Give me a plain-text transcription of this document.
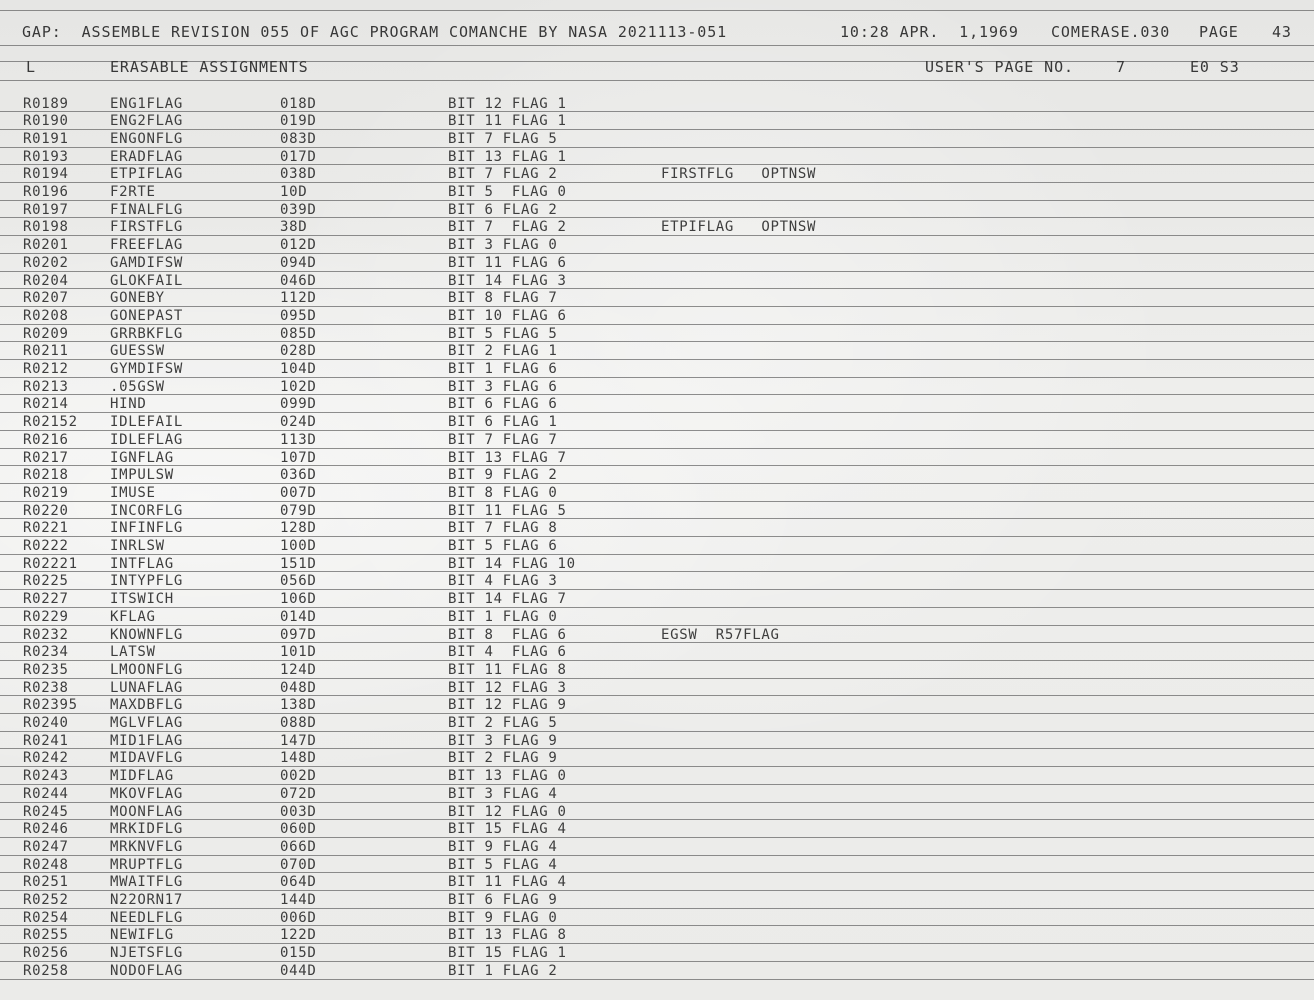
GAP:  ASSEMBLE REVISION 055 OF AGC PROGRAM COMANCHE BY NASA 2021113-051	10:28 APR.  1,1969 COMERASE.030 PAGE 43
L	ERASABLE ASSIGNMENTS	USER'S PAGE NO.	7	E0 S3
R0189	ENG1FLAG	018D	BIT 12 FLAG 1
R0190	ENG2FLAG	019D	BIT 11 FLAG 1
R0191	ENGONFLG	083D	BIT 7 FLAG 5
R0193	ERADFLAG	017D	BIT 13 FLAG 1
R0194	ETPIFLAG	038D	BIT 7 FLAG 2	FIRSTFLG   OPTNSW
R0196	F2RTE	10D	BIT 5  FLAG 0
R0197	FINALFLG	039D	BIT 6 FLAG 2
R0198	FIRSTFLG	38D	BIT 7  FLAG 2	ETPIFLAG   OPTNSW
R0201	FREEFLAG	012D	BIT 3 FLAG 0
R0202	GAMDIFSW	094D	BIT 11 FLAG 6
R0204	GLOKFAIL	046D	BIT 14 FLAG 3
R0207	GONEBY	112D	BIT 8 FLAG 7
R0208	GONEPAST	095D	BIT 10 FLAG 6
R0209	GRRBKFLG	085D	BIT 5 FLAG 5
R0211	GUESSW	028D	BIT 2 FLAG 1
R0212	GYMDIFSW	104D	BIT 1 FLAG 6
R0213	.05GSW	102D	BIT 3 FLAG 6
R0214	HIND	099D	BIT 6 FLAG 6
R02152 IDLEFAIL	024D	BIT 6 FLAG 1
R0216	IDLEFLAG	113D	BIT 7 FLAG 7
R0217	IGNFLAG	107D	BIT 13 FLAG 7
R0218	IMPULSW	036D	BIT 9 FLAG 2
R0219	IMUSE	007D	BIT 8 FLAG 0
R0220	INCORFLG	079D	BIT 11 FLAG 5
R0221	INFINFLG	128D	BIT 7 FLAG 8
R0222	INRLSW	100D	BIT 5 FLAG 6
R02221 INTFLAG	151D	BIT 14 FLAG 10
R0225	INTYPFLG	056D	BIT 4 FLAG 3
R0227	ITSWICH	106D	BIT 14 FLAG 7
R0229	KFLAG	014D	BIT 1 FLAG 0
R0232	KNOWNFLG	097D	BIT 8  FLAG 6	EGSW  R57FLAG
R0234	LATSW	101D	BIT 4  FLAG 6
R0235	LMOONFLG	124D	BIT 11 FLAG 8
R0238	LUNAFLAG	048D	BIT 12 FLAG 3
R02395 MAXDBFLG	138D	BIT 12 FLAG 9
R0240	MGLVFLAG	088D	BIT 2 FLAG 5
R0241	MID1FLAG	147D	BIT 3 FLAG 9
R0242	MIDAVFLG	148D	BIT 2 FLAG 9
R0243	MIDFLAG	002D	BIT 13 FLAG 0
R0244	MKOVFLAG	072D	BIT 3 FLAG 4
R0245	MOONFLAG	003D	BIT 12 FLAG 0
R0246	MRKIDFLG	060D	BIT 15 FLAG 4
R0247	MRKNVFLG	066D	BIT 9 FLAG 4
R0248	MRUPTFLG	070D	BIT 5 FLAG 4
R0251	MWAITFLG	064D	BIT 11 FLAG 4
R0252	N22ORN17	144D	BIT 6 FLAG 9
R0254	NEEDLFLG	006D	BIT 9 FLAG 0
R0255	NEWIFLG	122D	BIT 13 FLAG 8
R0256	NJETSFLG	015D	BIT 15 FLAG 1
R0258	NODOFLAG	044D	BIT 1 FLAG 2
